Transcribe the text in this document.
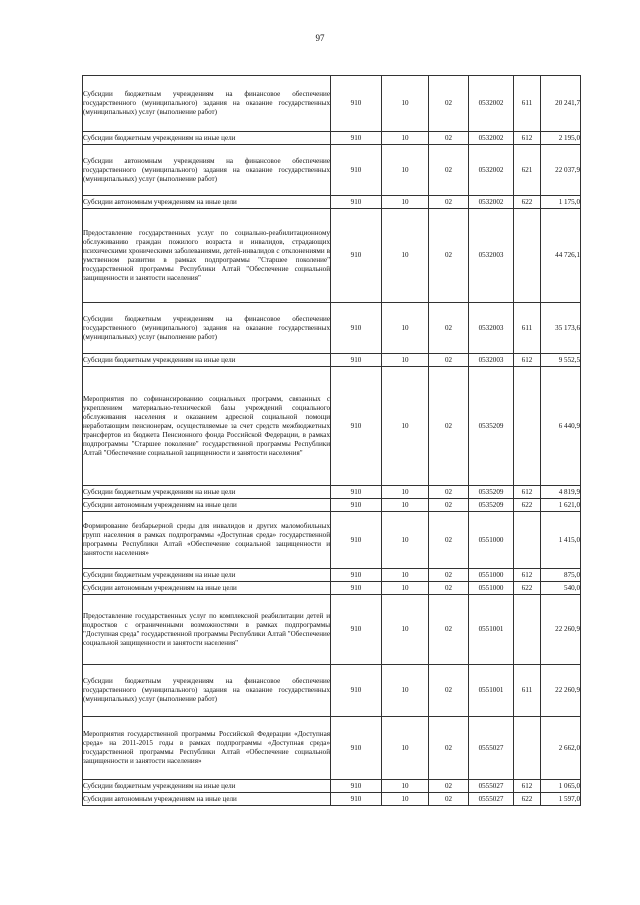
97
Субсидии бюджетным учреждениям на финансовое обеспечение государственного (муниципального) задания на оказание государственных (муниципальных) услуг (выполнение работ)	910	10	02	0532002	611	20 241,7
Субсидии бюджетным учреждениям на иные цели	910	10	02	0532002	612	2 195,0
Субсидии автономным учреждениям на финансовое обеспечение государственного (муниципального) задания на оказание государственных (муниципальных) услуг (выполнение работ)	910	10	02	0532002	621	22 037,9
Субсидии автономным учреждениям на иные цели	910	10	02	0532002	622	1 175,0
Предоставление государственных услуг по социально-реабилитационному обслуживанию граждан пожилого возраста и инвалидов, страдающих психическими хроническими заболеваниями, детей-инвалидов с отклонениями в умственном развитии в рамках подпрограммы "Старшее поколение" государственной программы Республики Алтай "Обеспечение социальной защищенности и занятости населения"	910	10	02	0532003		44 726,1
Субсидии бюджетным учреждениям на финансовое обеспечение государственного (муниципального) задания на оказание государственных (муниципальных) услуг (выполнение работ)	910	10	02	0532003	611	35 173,6
Субсидии бюджетным учреждениям на иные цели	910	10	02	0532003	612	9 552,5
Мероприятия по софинансированию социальных программ, связанных с укреплением материально-технической базы учреждений социального обслуживания населения и оказанием адресной социальной помощи неработающим пенсионерам, осуществляемые за счет средств межбюджетных трансфертов из бюджета Пенсионного фонда Российской Федерации, в рамках подпрограммы "Старшее поколение" государственной программы Республики Алтай "Обеспечение социальной защищенности и занятости населения"	910	10	02	0535209		6 440,9
Субсидии бюджетным учреждениям на иные цели	910	10	02	0535209	612	4 819,9
Субсидии автономным учреждениям на иные цели	910	10	02	0535209	622	1 621,0
Формирование безбарьерной среды для инвалидов и других маломобильных групп населения в рамках подпрограммы «Доступная среда» государственной программы Республики Алтай «Обеспечение социальной защищенности и занятости населения»	910	10	02	0551000		1 415,0
Субсидии бюджетным учреждениям на иные цели	910	10	02	0551000	612	875,0
Субсидии автономным учреждениям на иные цели	910	10	02	0551000	622	540,0
Предоставление государственных услуг по комплексной реабилитации детей и подростков с ограниченными возможностями в рамках подпрограммы "Доступная среда" государственной программы Республики Алтай "Обеспечение социальной защищенности и занятости населения"	910	10	02	0551001		22 260,9
Субсидии бюджетным учреждениям на финансовое обеспечение государственного (муниципального) задания на оказание государственных (муниципальных) услуг (выполнение работ)	910	10	02	0551001	611	22 260,9
Мероприятия государственной программы Российской Федерации «Доступная среда» на 2011-2015 годы в рамках подпрограммы «Доступная среда» государственной программы Республики Алтай «Обеспечение социальной защищенности и занятости населения»	910	10	02	0555027		2 662,0
Субсидии бюджетным учреждениям на иные цели	910	10	02	0555027	612	1 065,0
Субсидии автономным учреждениям на иные цели	910	10	02	0555027	622	1 597,0
